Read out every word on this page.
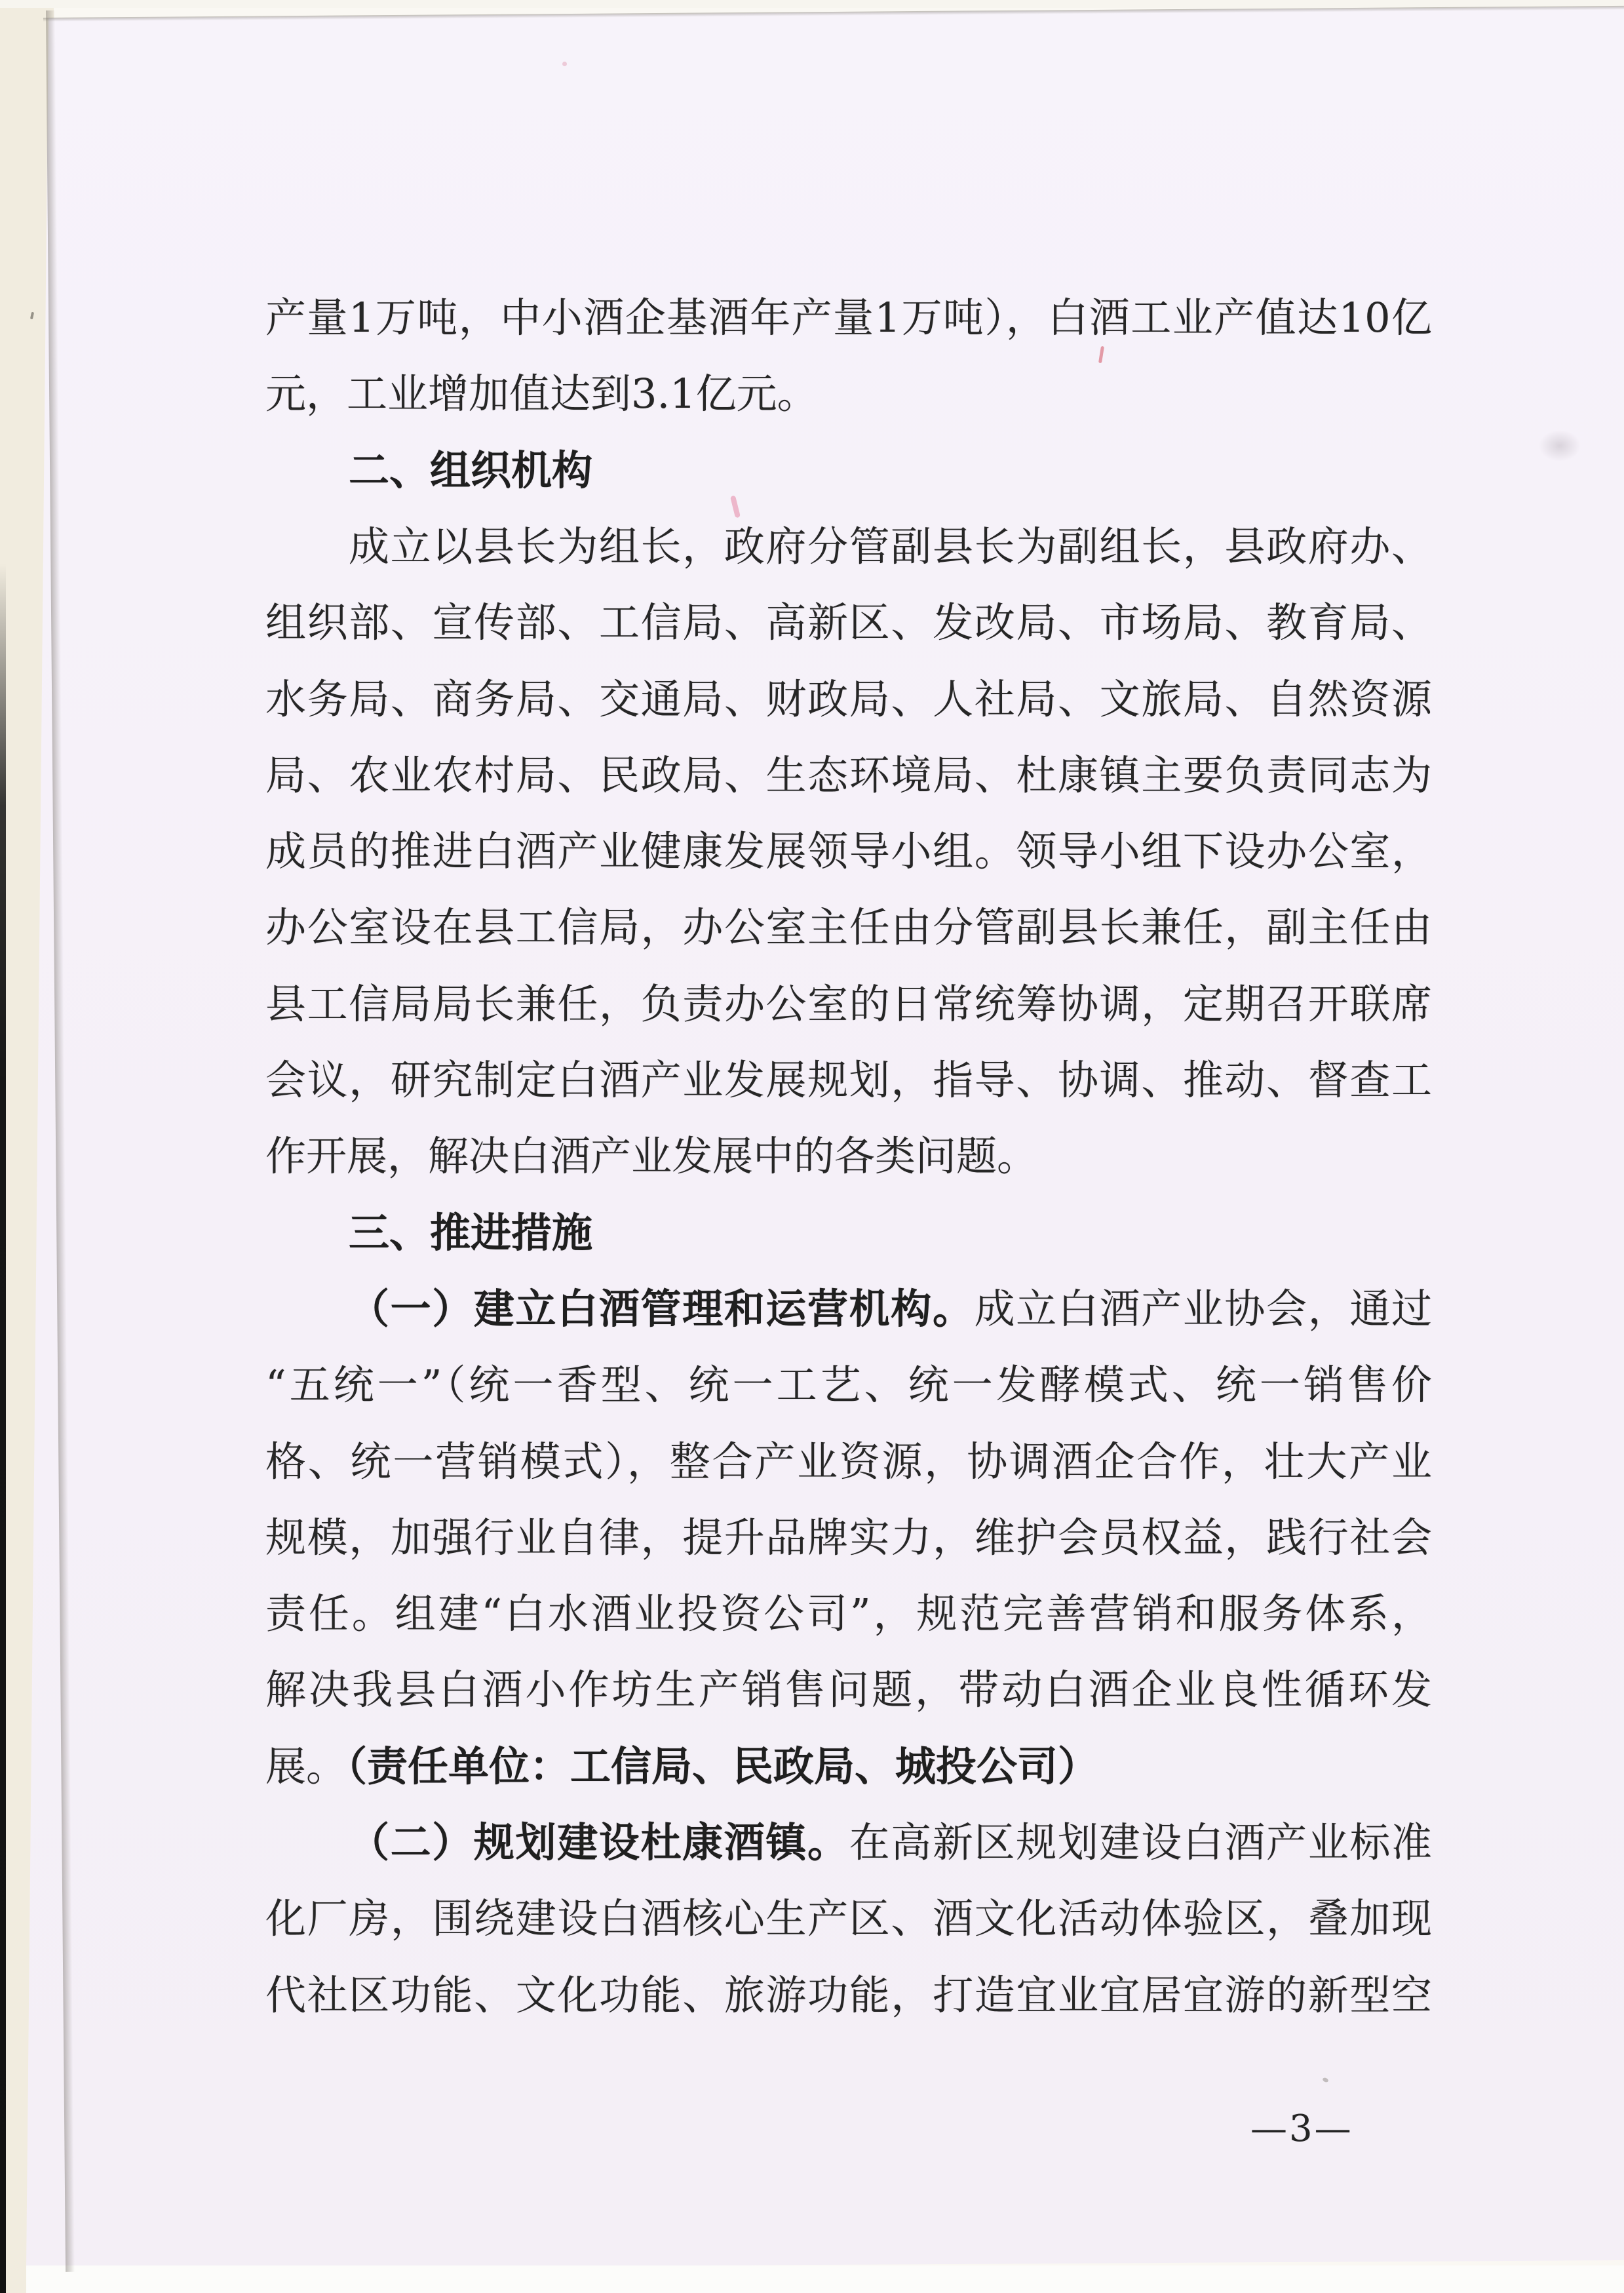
—3—
产量1万吨，中小酒企基酒年产量1万吨），白酒工业产值达10亿
元，工业增加值达到3.1亿元。
二、组织机构
成立以县长为组长，政府分管副县长为副组长，县政府办、
组织部、宣传部、工信局、高新区、发改局、市场局、教育局、
水务局、商务局、交通局、财政局、人社局、文旅局、自然资源
局、农业农村局、民政局、生态环境局、杜康镇主要负责同志为
成员的推进白酒产业健康发展领导小组。领导小组下设办公室，
办公室设在县工信局，办公室主任由分管副县长兼任，副主任由
县工信局局长兼任，负责办公室的日常统筹协调，定期召开联席
会议，研究制定白酒产业发展规划，指导、协调、推动、督查工
作开展，解决白酒产业发展中的各类问题。
三、推进措施
（一）建立白酒管理和运营机构。成立白酒产业协会，通过
“五统一”（统一香型、统一工艺、统一发酵模式、统一销售价
格、统一营销模式），整合产业资源，协调酒企合作，壮大产业
规模，加强行业自律，提升品牌实力，维护会员权益，践行社会
责任。组建“白水酒业投资公司”，规范完善营销和服务体系，
解决我县白酒小作坊生产销售问题，带动白酒企业良性循环发
展。（责任单位：工信局、民政局、城投公司）
（二）规划建设杜康酒镇。在高新区规划建设白酒产业标准
化厂房，围绕建设白酒核心生产区、酒文化活动体验区，叠加现
代社区功能、文化功能、旅游功能，打造宜业宜居宜游的新型空
